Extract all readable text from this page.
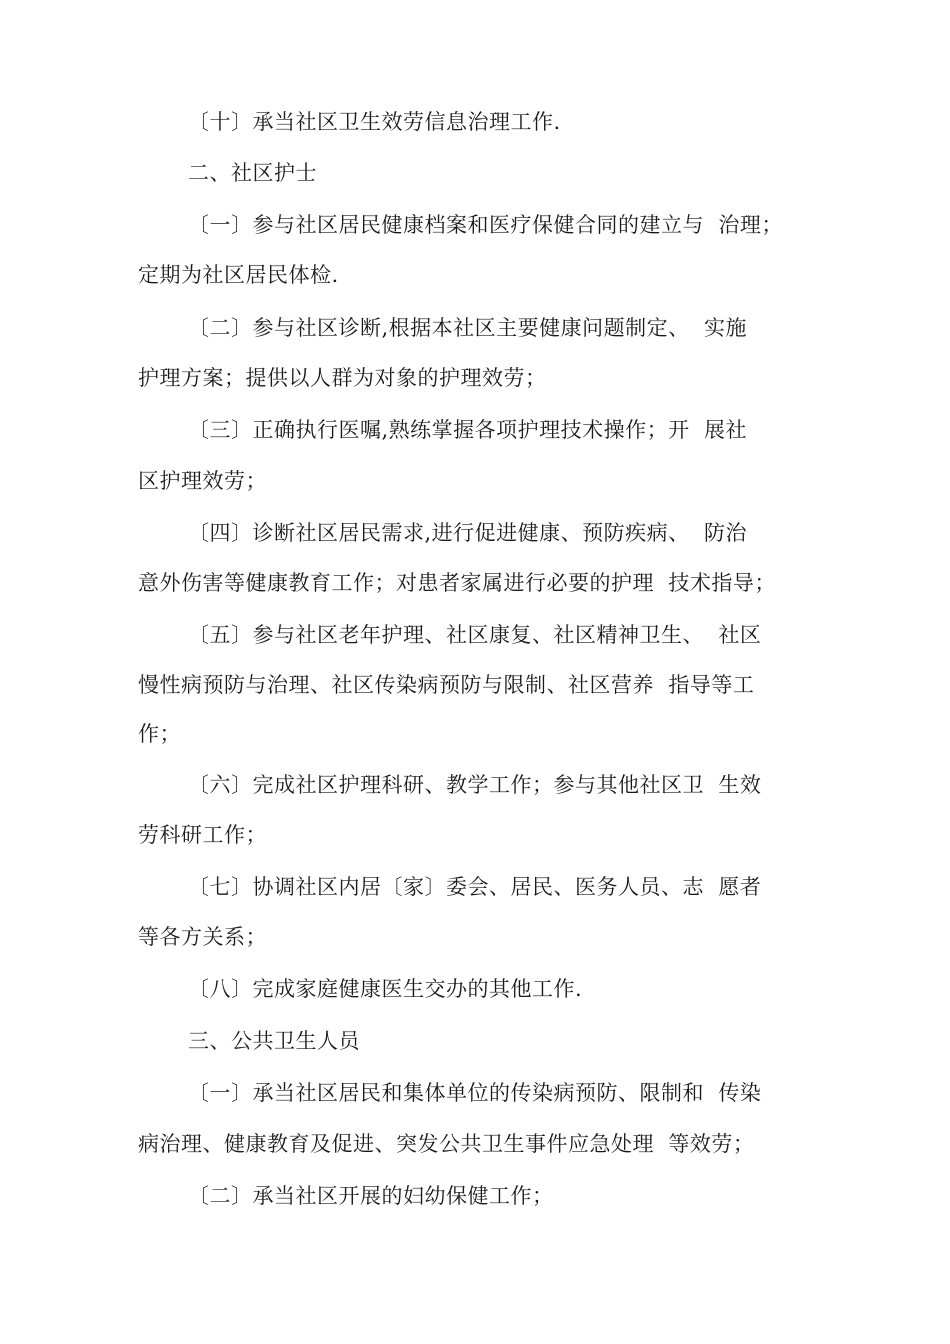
〔十〕承当社区卫生效劳信息治理工作.
二、社区护士
〔一〕参与社区居民健康档案和医疗保健合同的建立与  治理；
定期为社区居民体检.
〔二〕参与社区诊断,根据本社区主要健康问题制定、  实施
护理方案；提供以人群为对象的护理效劳；
〔三〕正确执行医嘱,熟练掌握各项护理技术操作；开  展社
区护理效劳；
〔四〕诊断社区居民需求,进行促进健康、预防疾病、  防治
意外伤害等健康教育工作；对患者家属进行必要的护理  技术指导；
〔五〕参与社区老年护理、社区康复、社区精神卫生、  社区
慢性病预防与治理、社区传染病预防与限制、社区营养  指导等工
作；
〔六〕完成社区护理科研、教学工作；参与其他社区卫  生效
劳科研工作；
〔七〕协调社区内居〔家〕委会、居民、医务人员、志  愿者
等各方关系；
〔八〕完成家庭健康医生交办的其他工作.
三、公共卫生人员
〔一〕承当社区居民和集体单位的传染病预防、限制和  传染
病治理、健康教育及促进、突发公共卫生事件应急处理  等效劳；
〔二〕承当社区开展的妇幼保健工作；
